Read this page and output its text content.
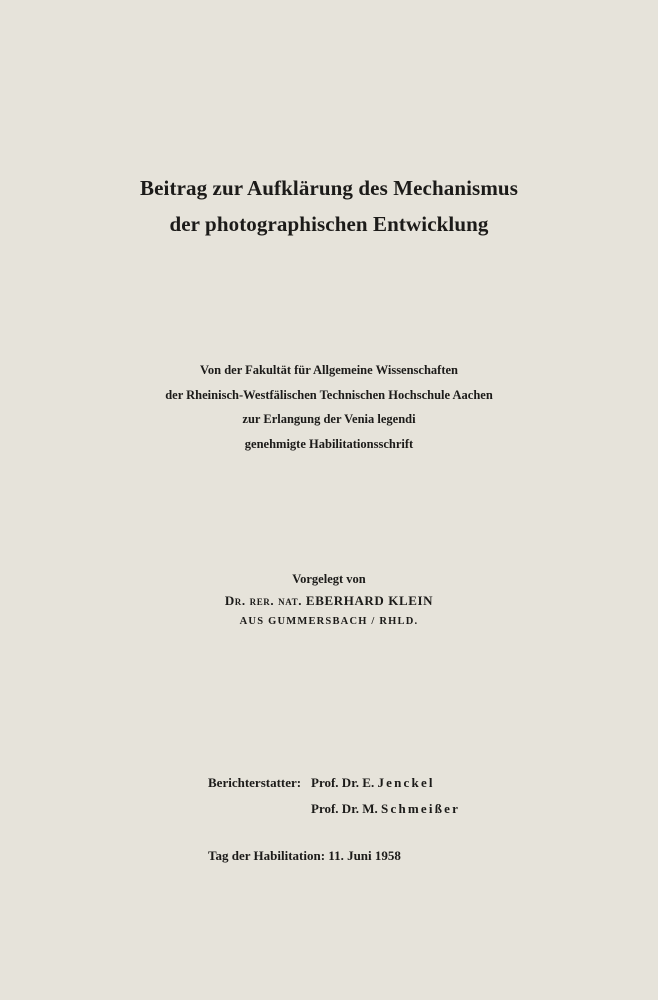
Beitrag zur Aufklärung des Mechanismus
der photographischen Entwicklung
Von der Fakultät für Allgemeine Wissenschaften
der Rheinisch-Westfälischen Technischen Hochschule Aachen
zur Erlangung der Venia legendi
genehmigte Habilitationsschrift
Vorgelegt von
Dr. rer. nat. EBERHARD KLEIN
AUS GUMMERSBACH / RHLD.
Berichterstatter: Prof. Dr. E. Jenckel
Prof. Dr. M. Schmeißer
Tag der Habilitation: 11. Juni 1958
